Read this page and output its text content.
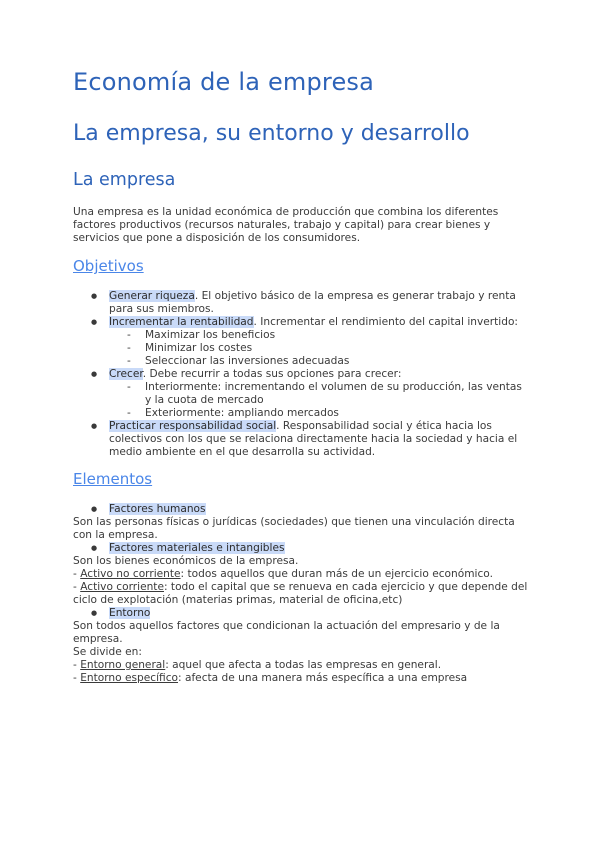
Economía de la empresa
La empresa, su entorno y desarrollo
La empresa

Una empresa es la unidad económica de producción que combina los diferentes factores productivos (recursos naturales, trabajo y capital) para crear bienes y servicios que pone a disposición de los consumidores.

Objetivos
● Generar riqueza. El objetivo básico de la empresa es generar trabajo y renta para sus miembros.
● Incrementar la rentabilidad. Incrementar el rendimiento del capital invertido:
- Maximizar los beneficios
- Minimizar los costes
- Seleccionar las inversiones adecuadas
● Crecer. Debe recurrir a todas sus opciones para crecer:
- Interiormente: incrementando el volumen de su producción, las ventas y la cuota de mercado
- Exteriormente: ampliando mercados
● Practicar responsabilidad social. Responsabilidad social y ética hacia los colectivos con los que se relaciona directamente hacia la sociedad y hacia el medio ambiente en el que desarrolla su actividad.
Elementos
● Factores humanos
Son las personas físicas o jurídicas (sociedades) que tienen una vinculación directa con la empresa.
● Factores materiales e intangibles
Son los bienes económicos de la empresa.
- Activo no corriente: todos aquellos que duran más de un ejercicio económico.
- Activo corriente: todo el capital que se renueva en cada ejercicio y que depende del ciclo de explotación (materias primas, material de oficina,etc)
● Entorno
Son todos aquellos factores que condicionan la actuación del empresario y de la empresa.
Se divide en:
- Entorno general: aquel que afecta a todas las empresas en general.
- Entorno específico: afecta de una manera más específica a una empresa
